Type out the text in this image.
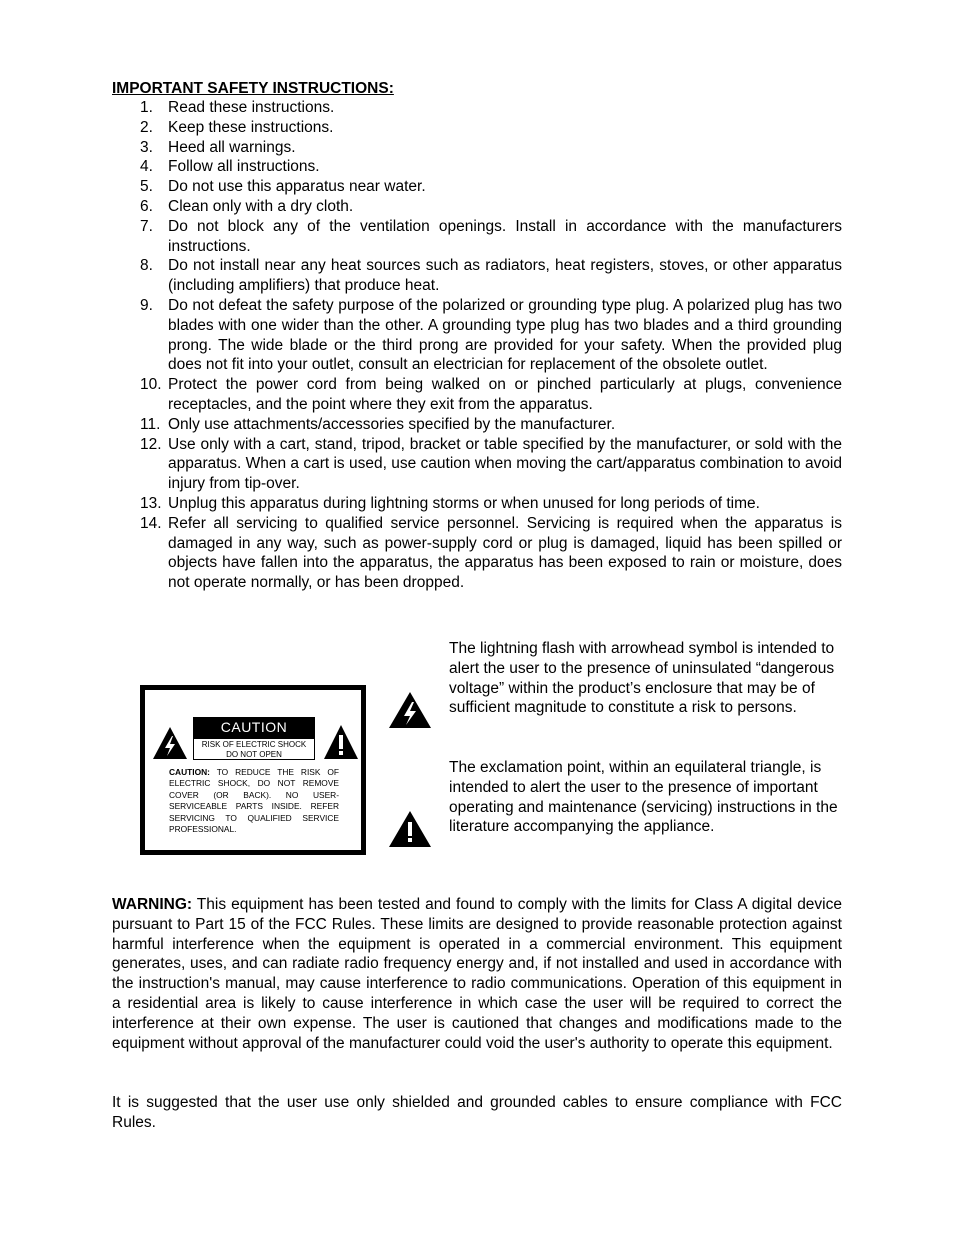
IMPORTANT SAFETY INSTRUCTIONS:
1. Read these instructions.
2. Keep these instructions.
3. Heed all warnings.
4. Follow all instructions.
5. Do not use this apparatus near water.
6. Clean only with a dry cloth.
7. Do not block any of the ventilation openings. Install in accordance with the manufacturers instructions.
8. Do not install near any heat sources such as radiators, heat registers, stoves, or other apparatus (including amplifiers) that produce heat.
9. Do not defeat the safety purpose of the polarized or grounding type plug. A polarized plug has two blades with one wider than the other. A grounding type plug has two blades and a third grounding prong. The wide blade or the third prong are provided for your safety. When the provided plug does not fit into your outlet, consult an electrician for replacement of the obsolete outlet.
10. Protect the power cord from being walked on or pinched particularly at plugs, convenience receptacles, and the point where they exit from the apparatus.
11. Only use attachments/accessories specified by the manufacturer.
12. Use only with a cart, stand, tripod, bracket or table specified by the manufacturer, or sold with the apparatus. When a cart is used, use caution when moving the cart/apparatus combination to avoid injury from tip-over.
13. Unplug this apparatus during lightning storms or when unused for long periods of time.
14. Refer all servicing to qualified service personnel. Servicing is required when the apparatus is damaged in any way, such as power-supply cord or plug is damaged, liquid has been spilled or objects have fallen into the apparatus, the apparatus has been exposed to rain or moisture, does not operate normally, or has been dropped.
CAUTION
RISK OF ELECTRIC SHOCK
DO NOT OPEN
CAUTION: TO REDUCE THE RISK OF ELECTRIC SHOCK, DO NOT REMOVE COVER (OR BACK). NO USER-SERVICEABLE PARTS INSIDE. REFER SERVICING TO QUALIFIED SERVICE PROFESSIONAL.
The lightning flash with arrowhead symbol is intended to alert the user to the presence of uninsulated “dangerous voltage” within the product’s enclosure that may be of sufficient magnitude to constitute a risk to persons.
The exclamation point, within an equilateral triangle, is intended to alert the user to the presence of important operating and maintenance (servicing) instructions in the literature accompanying the appliance.

WARNING: This equipment has been tested and found to comply with the limits for Class A digital device pursuant to Part 15 of the FCC Rules. These limits are designed to provide reasonable protection against harmful interference when the equipment is operated in a commercial environment. This equipment generates, uses, and can radiate radio frequency energy and, if not installed and used in accordance with the instruction's manual, may cause interference to radio communications. Operation of this equipment in a residential area is likely to cause interference in which case the user will be required to correct the interference at their own expense. The user is cautioned that changes and modifications made to the equipment without approval of the manufacturer could void the user's authority to operate this equipment.

It is suggested that the user use only shielded and grounded cables to ensure compliance with FCC Rules.
